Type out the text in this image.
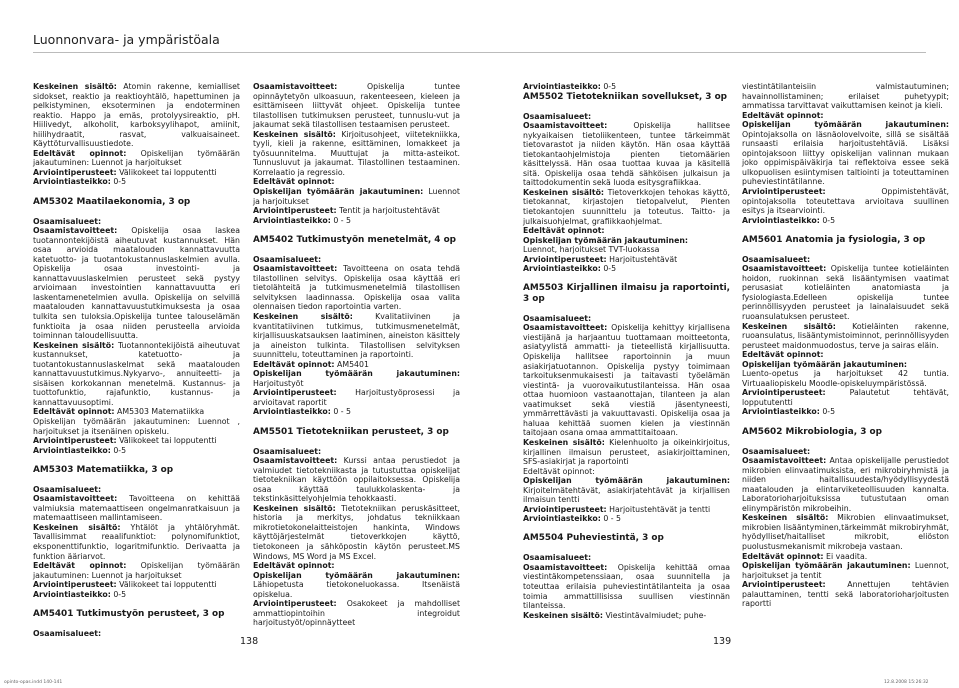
Luonnonvara- ja ympäristöala

Keskeinen sisältö: Atomin rakenne, kemialliset sidokset, reaktio ja reaktioyhtälö, hapettuminen ja pelkistyminen, eksoterminen ja endoterminen reaktio. Happo ja emäs, protolyysireaktio, pH. Hiilivedyt, alkoholit, karboksyylihapot, amiinit, hiilihydraatit, rasvat, valkuaisaineet. Käyttöturvallisuustiedote.

Edeltävät opinnot: Opiskelijan työmäärän jakautuminen: Luennot ja harjoitukset

Arviointiperusteet: Välikokeet tai lopputentti

Arviointiasteikko: 0-5

AM5302 Maatilaekonomia, 3 op

Osaamisalueet:

Osaamistavoitteet: Opiskelija osaa laskea tuotannontekijöistä aiheutuvat kustannukset. Hän osaa arvioida maatalouden kannattavuutta katetuotto- ja tuotantokustannuslaskelmien avulla. Opiskelija osaa investointi- ja kannattavuuslaskelmien perusteet sekä pystyy arvioimaan investointien kannattavuutta eri laskentamenetelmien avulla. Opiskelija on selvillä maatalouden kannattavuustutkimuksesta ja osaa tulkita sen tuloksia.Opiskelija tuntee talouselämän funktioita ja osaa niiden perusteella arvioida toiminnan taloudellisuutta.

Keskeinen sisältö: Tuotannontekijöistä aiheutuvat kustannukset, katetuotto- ja tuotantokustannuslaskelmat sekä maatalouden kannattavuustutkimus.Nykyarvo-, annuiteetti- ja sisäisen korkokannan menetelmä. Kustannus- ja tuottofunktio, rajafunktio, kustannus- ja kannattavuusoptimi.

Edeltävät opinnot: AM5303 Matematiikka

Opiskelijan työmäärän jakautuminen: Luennot , harjoitukset ja itsenäinen opiskelu.

Arviointiperusteet: Välikokeet tai lopputentti

Arviointiasteikko: 0-5

AM5303 Matematiikka, 3 op

Osaamisalueet:

Osaamistavoitteet: Tavoitteena on kehittää valmiuksia matemaattiseen ongelmanratkaisuun ja matemaattiseen mallintamiseen.

Keskeinen sisältö: Yhtälöt ja yhtälöryhmät. Tavallisimmat reaalifunktiot: polynomifunktiot, eksponenttifunktio, logaritmifunktio. Derivaatta ja funktion ääriarvot.

Edeltävät opinnot: Opiskelijan työmäärän jakautuminen: Luennot ja harjoitukset

Arviointiperusteet: Välikokeet tai lopputentti

Arviointiasteikko: 0-5

AM5401 Tutkimustyön perusteet, 3 op

Osaamisalueet:

Osaamistavoitteet: Opiskelija tuntee opinnäytetyön ulkoasuun, rakenteeseen, kieleen ja esittämiseen liittyvät ohjeet. Opiskelija tuntee tilastollisen tutkimuksen perusteet, tunnuslu-vut ja jakaumat sekä tilastollisen testaamisen perusteet.

Keskeinen sisältö: Kirjoitusohjeet, viitetekniikka, tyyli, kieli ja rakenne, esittäminen, lomakkeet ja työsuunnitelma. Muuttujat ja mitta-asteikot. Tunnusluvut ja jakaumat. Tilastollinen testaaminen. Korrelaatio ja regressio.

Edeltävät opinnot:

Opiskelijan työmäärän jakautuminen: Luennot ja harjoitukset

Arviointiperusteet: Tentit ja harjoitustehtävät

Arviointiasteikko: 0 - 5

AM5402 Tutkimustyön menetelmät, 4 op

Osaamisalueet:

Osaamistavoitteet: Tavoitteena on osata tehdä tilastollinen selvitys. Opiskelija osaa käyttää eri tietolähteitä ja tutkimusmenetelmiä tilastollisen selvityksen laadinnassa. Opiskelija osaa valita olennaisen tiedon raportointia varten.

Keskeinen sisältö: Kvalitatiivinen ja kvantitatiivinen tutkimus, tutkimusmenetelmät, kirjallisuuskatsauksen laatiminen, aineiston käsittely ja aineiston tulkinta. Tilastollisen selvityksen suunnittelu, toteuttaminen ja raportointi.

Edeltävät opinnot: AM5401

Opiskelijan työmäärän jakautuminen: Harjoitustyöt

Arviointiperusteet: Harjoitustyöprosessi ja arvioitavat raportit

Arviointiasteikko: 0 - 5

AM5501 Tietotekniikan perusteet, 3 op

Osaamisalueet:

Osaamistavoitteet: Kurssi antaa perustiedot ja valmiudet tietotekniikasta ja tutustuttaa opiskelijat tietotekniikan käyttöön oppilaitoksessa. Opiskelija osaa käyttää taulukkolaskenta- ja tekstinkäsittelyohjelmia tehokkaasti.

Keskeinen sisältö: Tietotekniikan peruskäsitteet, historia ja merkitys, johdatus tekniikkaan mikrotietokonelaitteistojen hankinta, Windows käyttöjärjestelmät tietoverkkojen käyttö, tietokoneen ja sähköpostin käytön perusteet.MS Windows, MS Word ja MS Excel.

Edeltävät opinnot:

Opiskelijan työmäärän jakautuminen: Lähiopetusta tietokoneluokassa. Itsenäistä opiskelua.

Arviointiperusteet: Osakokeet ja mahdolliset ammattiopintoihin integroidut harjoitustyöt/opinnäytteet

Arviointiasteikko: 0-5

AM5502 Tietotekniikan sovellukset, 3 op

Osaamisalueet:

Osaamistavoitteet: Opiskelija hallitsee nykyaikaisen tietoliikenteen, tuntee tärkeimmät tietovarastot ja niiden käytön. Hän osaa käyttää tietokantaohjelmistoja pienten tietomäärien käsittelyssä. Hän osaa tuottaa kuvaa ja käsitellä sitä. Opiskelija osaa tehdä sähköisen julkaisun ja taittodokumentin sekä luoda esitysgrafiikkaa.

Keskeinen sisältö: Tietoverkkojen tehokas käyttö, tietokannat, kirjastojen tietopalvelut, Pienten tietokantojen suunnittelu ja toteutus. Taitto- ja julkaisuohjelmat, grafiikkaohjelmat.

Edeltävät opinnot:

Opiskelijan työmäärän jakautuminen:

Luennot, harjoitukset TVT-luokassa

Arviointiperusteet: Harjoitustehtävät

Arviointiasteikko: 0-5

AM5503 Kirjallinen ilmaisu ja raportointi, 3 op

Osaamisalueet:

Osaamistavoitteet: Opiskelija kehittyy kirjallisena viestijänä ja harjaantuu tuottamaan moitteetonta, asiatyylistä ammatti- ja tieteellistä kirjallisuutta. Opiskelija hallitsee raportoinnin ja muun asiakirjatuotannon. Opiskelija pystyy toimimaan tarkoituksenmukaisesti ja taitavasti työelämän viestintä- ja vuorovaikutustilanteissa. Hän osaa ottaa huomioon vastaanottajan, tilanteen ja alan vaatimukset sekä viestiä jäsentyneesti, ymmärrettävästi ja vakuuttavasti. Opiskelija osaa ja haluaa kehittää suomen kielen ja viestinnän taitojaan osana omaa ammattitaitoaan.

Keskeinen sisältö: Kielenhuolto ja oikeinkirjoitus, kirjallinen ilmaisun perusteet, asiakirjoittaminen, SFS-asiakirjat ja raportointi

Edeltävät opinnot:

Opiskelijan työmäärän jakautuminen: Kirjoitelmätehtävät, asiakirjatehtävät ja kirjallisen ilmaisun tentti

Arviointiperusteet: Harjoitustehtävät ja tentti

Arviointiasteikko: 0 - 5

AM5504 Puheviestintä, 3 op

Osaamisalueet:

Osaamistavoitteet: Opiskelija kehittää omaa viestintäkompetenssiaan, osaa suunnitella ja toteuttaa erilaisia puheviestintätilanteita ja osaa toimia ammattillisissa suullisen viestinnän tilanteissa.

Keskeinen sisältö: Viestintävalmiudet; puhe-

viestintätilanteisiin valmistautuminen; havainnollistaminen; erilaiset puhetyypit; ammatissa tarvittavat vaikuttamisen keinot ja kieli.

Edeltävät opinnot:

Opiskelijan työmäärän jakautuminen: Opintojaksolla on läsnäolovelvoite, sillä se sisältää runsaasti erilaisia harjoitustehtäviä. Lisäksi opintojaksoon liittyy opiskelijan valinnan mukaan joko oppimispäiväkirja tai reflektoiva essee sekä ulkopuolisen esiintymisen taltiointi ja toteuttaminen puheviestintätilanne.

Arviointiperusteet: Oppimistehtävät, opintojaksolla toteutettava arvioitava suullinen esitys ja itsearviointi.

Arviointiasteikko: 0-5

AM5601 Anatomia ja fysiologia, 3 op

Osaamisalueet:

Osaamistavoitteet: Opiskelija tuntee kotieläinten hoidon, ruokinnan sekä lisääntymisen vaatimat perusasiat kotieläinten anatomiasta ja fysiologiasta.Edelleen opiskelija tuntee perinnöllisyyden perusteet ja lainalaisuudet sekä ruoansulatuksen perusteet.

Keskeinen sisältö: Kotieläinten rakenne, ruoansulatus, lisääntymistoiminnot, perinnöllisyyden perusteet maidonmuodostus, terve ja sairas eläin.

Edeltävät opinnot:

Opiskelijan työmäärän jakautuminen:

Luento-opetus ja harjoitukset 42 tuntia. Virtuaaliopiskelu Moodle-opiskeluympäristössä.

Arviointiperusteet: Palautetut tehtävät, loppututentti

Arviointiasteikko: 0-5

AM5602 Mikrobiologia, 3 op

Osaamisalueet:

Osaamistavoitteet: Antaa opiskelijalle perustiedot mikrobien elinvaatimuksista, eri mikrobiryhmistä ja niiden haitallisuudesta/hyödyllisyydestä maatalouden ja elintarviketeollisuuden kannalta. Laboratorioharjoituksissa tutustutaan oman elinympäristön mikrobeihin.

Keskeinen sisältö: Mikrobien elinvaatimukset, mikrobien lisääntyminen,tärkeimmät mikrobiryhmät, hyödylliset/haitalliset mikrobit, eliöston puolustusmekanismit mikrobeja vastaan.

Edeltävät opinnot: Ei vaadita.

Opiskelijan työmäärän jakautuminen: Luennot, harjoitukset ja tentit

Arviointiperusteet: Annettujen tehtävien palauttaminen, tentti sekä laboratorioharjoitusten raportti

138	139
opinto-opas.indd 140-141	12.8.2008 15:26:32
